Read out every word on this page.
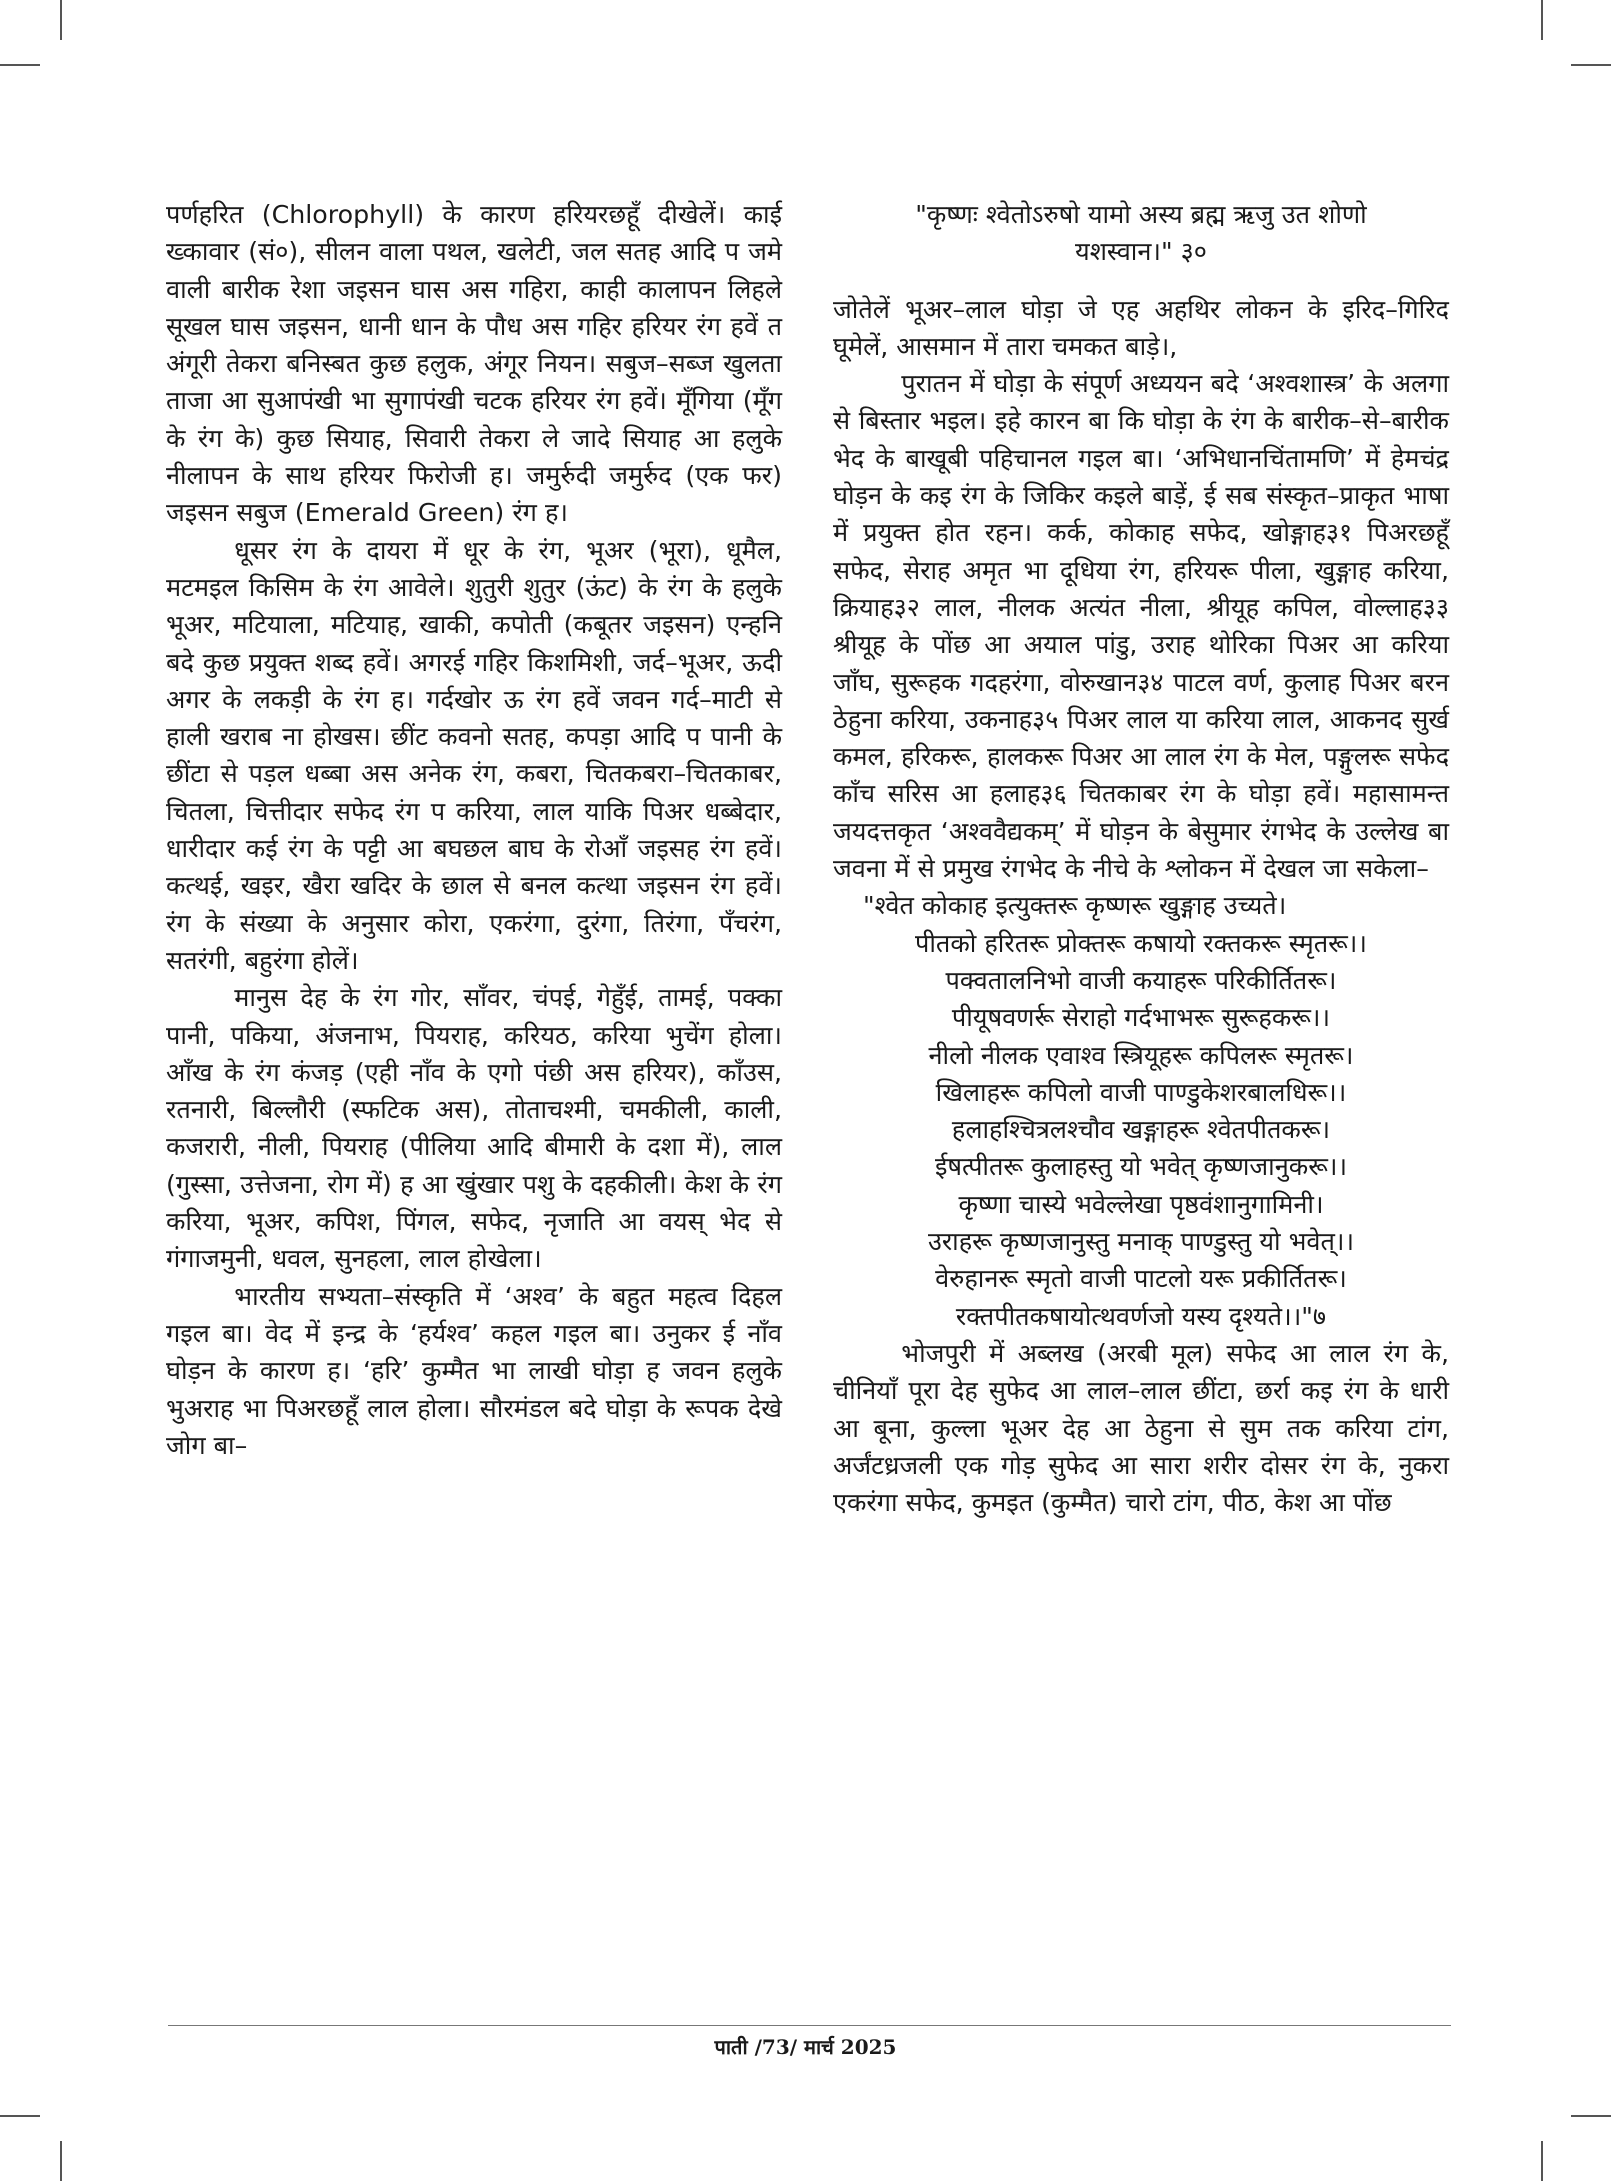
पर्णहरित (Chlorophyll) के कारण हरियरछहूँ दीखेलें। काई ख्कावार (सं०), सीलन वाला पथल, खलेटी, जल सतह आदि प जमे वाली बारीक रेशा जइसन घास अस गहिरा, काही कालापन लिहले सूखल घास जइसन, धानी धान के पौध अस गहिर हरियर रंग हवें त अंगूरी तेकरा बनिस्बत कुछ हलुक, अंगूर नियन। सबुज–सब्ज खुलता ताजा आ सुआपंखी भा सुगापंखी चटक हरियर रंग हवें। मूँगिया (मूँग के रंग के) कुछ सियाह, सिवारी तेकरा ले जादे सियाह आ हलुके नीलापन के साथ हरियर फिरोजी ह। जमुर्रुदी जमुर्रुद (एक फर) जइसन सबुज (Emerald Green) रंग ह।

धूसर रंग के दायरा में धूर के रंग, भूअर (भूरा), धूमैल, मटमइल किसिम के रंग आवेले। शुतुरी शुतुर (ऊंट) के रंग के हलुके भूअर, मटियाला, मटियाह, खाकी, कपोती (कबूतर जइसन) एन्हनि बदे कुछ प्रयुक्त शब्द हवें। अगरई गहिर किशमिशी, जर्द–भूअर, ऊदी अगर के लकड़ी के रंग ह। गर्दखोर ऊ रंग हवें जवन गर्द–माटी से हाली खराब ना होखस। छींट कवनो सतह, कपड़ा आदि प पानी के छींटा से पड़ल धब्बा अस अनेक रंग, कबरा, चितकबरा–चितकाबर, चितला, चित्तीदार सफेद रंग प करिया, लाल याकि पिअर धब्बेदार, धारीदार कई रंग के पट्टी आ बघछल बाघ के रोआँ जइसह रंग हवें। कत्थई, खइर, खैरा खदिर के छाल से बनल कत्था जइसन रंग हवें। रंग के संख्या के अनुसार कोरा, एकरंगा, दुरंगा, तिरंगा, पँचरंग, सतरंगी, बहुरंगा होलें।

मानुस देह के रंग गोर, साँवर, चंपई, गेहुँई, तामई, पक्का पानी, पकिया, अंजनाभ, पियराह, करियठ, करिया भुचेंग होला। आँख के रंग कंजड़ (एही नाँव के एगो पंछी अस हरियर), काँउस, रतनारी, बिल्लौरी (स्फटिक अस), तोताचश्मी, चमकीली, काली, कजरारी, नीली, पियराह (पीलिया आदि बीमारी के दशा में), लाल (गुस्सा, उत्तेजना, रोग में) ह आ खुंखार पशु के दहकीली। केश के रंग करिया, भूअर, कपिश, पिंगल, सफेद, नृजाति आ वयस् भेद से गंगाजमुनी, धवल, सुनहला, लाल होखेला।

भारतीय सभ्यता–संस्कृति में ‘अश्व’ के बहुत महत्व दिहल गइल बा। वेद में इन्द्र के ‘हर्यश्व’ कहल गइल बा। उनुकर ई नाँव घोड़न के कारण ह। ‘हरि’ कुम्मैत भा लाखी घोड़ा ह जवन हलुके भुअराह भा पिअरछहूँ लाल होला। सौरमंडल बदे घोड़ा के रूपक देखे जोग बा–

"कृष्णः श्वेतोऽरुषो यामो अस्य ब्रह्म ऋजु उत शोणो

यशस्वान।" ३०

जोतेलें भूअर–लाल घोड़ा जे एह अहथिर लोकन के इरिद–गिरिद घूमेलें, आसमान में तारा चमकत बाड़े।,

पुरातन में घोड़ा के संपूर्ण अध्ययन बदे ‘अश्वशास्त्र’ के अलगा से बिस्तार भइल। इहे कारन बा कि घोड़ा के रंग के बारीक–से–बारीक भेद के बाखूबी पहिचानल गइल बा। ‘अभिधानचिंतामणि’ में हेमचंद्र घोड़न के कइ रंग के जिकिर कइले बाड़ें, ई सब संस्कृत–प्राकृत भाषा में प्रयुक्त होत रहन। कर्क, कोकाह सफेद, खोङ्गाह३१ पिअरछहूँ सफेद, सेराह अमृत भा दूधिया रंग, हरियरू पीला, खुङ्गाह करिया, क्रियाह३२ लाल, नीलक अत्यंत नीला, श्रीयूह कपिल, वोल्लाह३३ श्रीयूह के पोंछ आ अयाल पांडु, उराह थोरिका पिअर आ करिया जाँघ, सुरूहक गदहरंगा, वोरुखान३४ पाटल वर्ण, कुलाह पिअर बरन ठेहुना करिया, उकनाह३५ पिअर लाल या करिया लाल, आकनद सुर्ख कमल, हरिकरू, हालकरू पिअर आ लाल रंग के मेल, पङ्गुलरू सफेद काँच सरिस आ हलाह३६ चितकाबर रंग के घोड़ा हवें। महासामन्त जयदत्तकृत ‘अश्ववैद्यकम्’ में घोड़न के बेसुमार रंगभेद के उल्लेख बा जवना में से प्रमुख रंगभेद के नीचे के श्लोकन में देखल जा सकेला–

"श्वेत कोकाह इत्युक्तरू कृष्णरू खुङ्गाह उच्यते।

पीतको हरितरू प्रोक्तरू कषायो रक्तकरू स्मृतरू।।

पक्वतालनिभो वाजी कयाहरू परिकीर्तितरू।

पीयूषवणर्रू सेराहो गर्दभाभरू सुरूहकरू।।

नीलो नीलक एवाश्व स्त्रियूहरू कपिलरू स्मृतरू।

खिलाहरू कपिलो वाजी पाण्डुकेशरबालधिरू।।

हलाहश्चित्रलश्चौव खङ्गाहरू श्वेतपीतकरू।

ईषत्पीतरू कुलाहस्तु यो भवेत् कृष्णजानुकरू।।

कृष्णा चास्ये भवेल्लेखा पृष्ठवंशानुगामिनी।

उराहरू कृष्णजानुस्तु मनाक् पाण्डुस्तु यो भवेत्।।

वेरुहानरू स्मृतो वाजी पाटलो यरू प्रकीर्तितरू।

रक्तपीतकषायोत्थवर्णजो यस्य दृश्यते।।"७

भोजपुरी में अब्लख (अरबी मूल) सफेद आ लाल रंग के, चीनियाँ पूरा देह सुफेद आ लाल–लाल छींटा, छर्रा कइ रंग के धारी आ बूना, कुल्ला भूअर देह आ ठेहुना से सुम तक करिया टांग, अर्जंटध्रजली एक गोड़ सुफेद आ सारा शरीर दोसर रंग के, नुकरा एकरंगा सफेद, कुमइत (कुम्मैत) चारो टांग, पीठ, केश आ पोंछ

पाती /73/ मार्च 2025
